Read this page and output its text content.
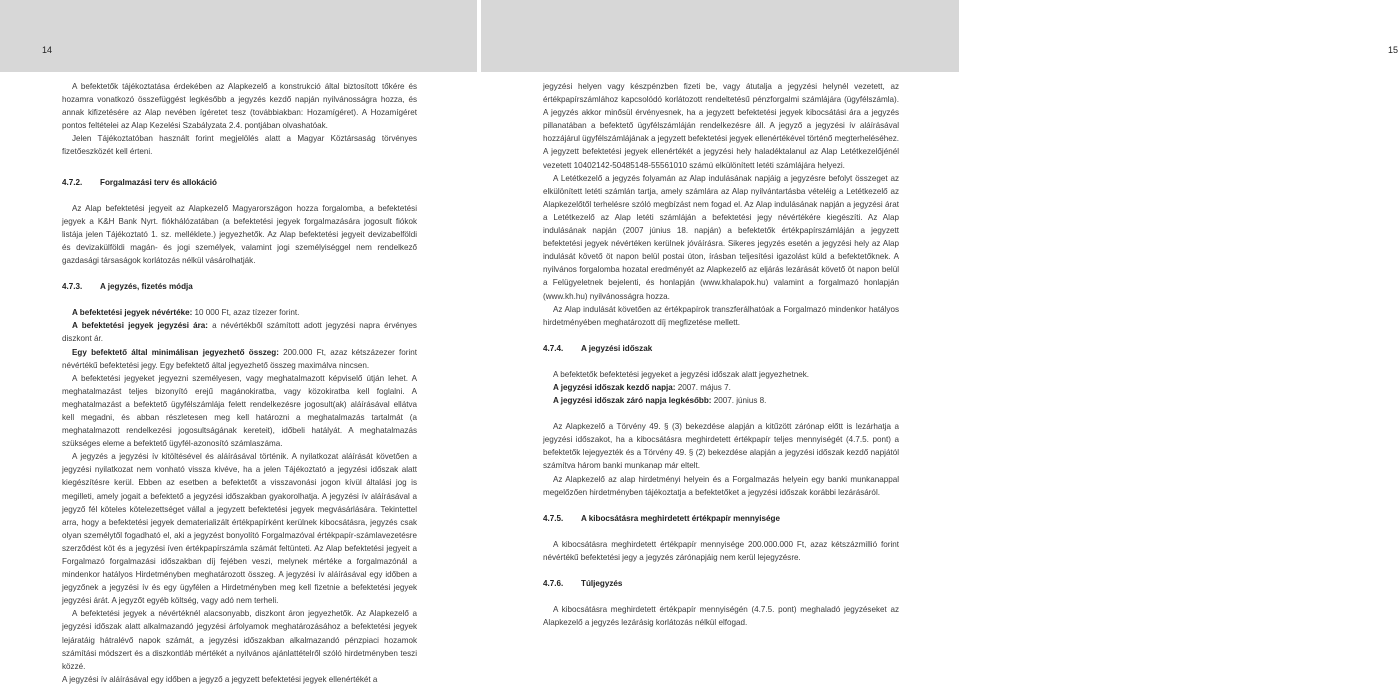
14	15

A befektetők tájékoztatása érdekében az Alapkezelő a konstrukció által biztosított tőkére és hozamra vonatkozó összefüggést legkésőbb a jegyzés kezdő napján nyilvánosságra hozza, és annak kifizetésére az Alap nevében ígéretet tesz (továbbiakban: Hozamígéret). A Hozamígéret pontos feltételei az Alap Kezelési Szabályzata 2.4. pontjában olvashatóak.

Jelen Tájékoztatóban használt forint megjelölés alatt a Magyar Köztársaság törvényes fizetőeszközét kell érteni.

4.7.2. Forgalmazási terv és allokáció

Az Alap befektetési jegyeit az Alapkezelő Magyarországon hozza forgalomba, a befektetési jegyek a K&H Bank Nyrt. fiókhálózatában (a befektetési jegyek forgalmazására jogosult fiókok listája jelen Tájékoztató 1. sz. melléklete.) jegyezhetők. Az Alap befektetési jegyeit devizabelföldi és devizakülföldi magán- és jogi személyek, valamint jogi személyiséggel nem rendelkező gazdasági társaságok korlátozás nélkül vásárolhatják.

4.7.3. A jegyzés, fizetés módja

A befektetési jegyek névértéke: 10 000 Ft, azaz tízezer forint.

A befektetési jegyek jegyzési ára: a névértékből számított adott jegyzési napra érvényes diszkont ár.

Egy befektető által minimálisan jegyezhető összeg: 200.000 Ft, azaz kétszázezer forint névértékű befektetési jegy. Egy befektető által jegyezhető összeg maximálva nincsen.

A befektetési jegyeket jegyezni személyesen, vagy meghatalmazott képviselő útján lehet. A meghatalmazást teljes bizonyító erejű magánokiratba, vagy közokiratba kell foglalni. A meghatalmazást a befektető ügyfélszámlája felett rendelkezésre jogosult(ak) aláírásával ellátva kell megadni, és abban részletesen meg kell határozni a meghatalmazás tartalmát (a meghatalmazott rendelkezési jogosultságának kereteit), időbeli hatályát. A meghatalmazás szükséges eleme a befektető ügyfél-azonosító számlaszáma.

A jegyzés a jegyzési ív kitöltésével és aláírásával történik. A nyilatkozat aláírását követően a jegyzési nyilatkozat nem vonható vissza kivéve, ha a jelen Tájékoztató a jegyzési időszak alatt kiegészítésre kerül. Ebben az esetben a befektetőt a visszavonási jogon kívül általási jog is megilleti, amely jogait a befektető a jegyzési időszakban gyakorolhatja. A jegyzési ív aláírásával a jegyző fél köteles kötelezettséget vállal a jegyzett befektetési jegyek megvásárlására. Tekintettel arra, hogy a befektetési jegyek dematerializált értékpapírként kerülnek kibocsátásra, jegyzés csak olyan személytől fogadható el, aki a jegyzést bonyolító Forgalmazóval értékpapír-számlavezetésre szerződést köt és a jegyzési íven értékpapírszámla számát feltünteti. Az Alap befektetési jegyeit a Forgalmazó forgalmazási időszakban díj fejében veszi, melynek mértéke a forgalmazónál a mindenkor hatályos Hirdetményben meghatározott összeg. A jegyzési ív aláírásával egy időben a jegyzőnek a jegyzési ív és egy ügyfélen a Hirdetményben meg kell fizetnie a befektetési jegyek jegyzési árát. A jegyzőt egyéb költség, vagy adó nem terheli.

A befektetési jegyek a névértéknél alacsonyabb, diszkont áron jegyezhetők. Az Alapkezelő a jegyzési időszak alatt alkalmazandó jegyzési árfolyamok meghatározásához a befektetési jegyek lejáratáig hátralévő napok számát, a jegyzési időszakban alkalmazandó pénzpiaci hozamok számítási módszert és a diszkontláb mértékét a nyilvános ajánlattételről szóló hirdetményben teszi közzé.

A jegyzési ív aláírásával egy időben a jegyző a jegyzett befektetési jegyek ellenértékét a

jegyzési helyen vagy készpénzben fizeti be, vagy átutalja a jegyzési helynél vezetett, az értékpapírszámlához kapcsolódó korlátozott rendeltetésű pénzforgalmi számlájára (ügyfélszámla). A jegyzés akkor minősül érvényesnek, ha a jegyzett befektetési jegyek kibocsátási ára a jegyzés pillanatában a befektető ügyfélszámláján rendelkezésre áll. A jegyző a jegyzési ív aláírásával hozzájárul ügyfélszámlájának a jegyzett befektetési jegyek ellenértékével történő megterheléséhez. A jegyzett befektetési jegyek ellenértékét a jegyzési hely haladéktalanul az Alap Letétkezelőjénél vezetett 10402142-50485148-55561010 számú elkülönített letéti számlájára helyezi.

A Letétkezelő a jegyzés folyamán az Alap indulásának napjáig a jegyzésre befolyt összeget az elkülönített letéti számlán tartja, amely számlára az Alap nyilvántartásba vételéig a Letétkezelő az Alapkezelőtől terhelésre szóló megbízást nem fogad el. Az Alap indulásának napján a jegyzési árat a Letétkezelő az Alap letéti számláján a befektetési jegy névértékére kiegészíti. Az Alap indulásának napján (2007 június 18. napján) a befektetők értékpapírszámláján a jegyzett befektetési jegyek névértéken kerülnek jóváírásra. Sikeres jegyzés esetén a jegyzési hely az Alap indulását követő öt napon belül postai úton, írásban teljesítési igazolást küld a befektetőknek. A nyilvános forgalomba hozatal eredményét az Alapkezelő az eljárás lezárását követő öt napon belül a Felügyeletnek bejelenti, és honlapján (www.khalapok.hu) valamint a forgalmazó honlapján (www.kh.hu) nyilvánosságra hozza.

Az Alap indulását követően az értékpapírok transzferálhatóak a Forgalmazó mindenkor hatályos hirdetményében meghatározott díj megfizetése mellett.

4.7.4. A jegyzési időszak

A befektetők befektetési jegyeket a jegyzési időszak alatt jegyezhetnek.

A jegyzési időszak kezdő napja: 2007. május 7.

A jegyzési időszak záró napja legkésőbb: 2007. június 8.

Az Alapkezelő a Törvény 49. § (3) bekezdése alapján a kitűzött zárónap előtt is lezárhatja a jegyzési időszakot, ha a kibocsátásra meghirdetett értékpapír teljes mennyiségét (4.7.5. pont) a befektetők lejegyezték és a Törvény 49. § (2) bekezdése alapján a jegyzési időszak kezdő napjától számítva három banki munkanap már eltelt.

Az Alapkezelő az alap hirdetményi helyein és a Forgalmazás helyein egy banki munkanappal megelőzően hirdetményben tájékoztatja a befektetőket a jegyzési időszak korábbi lezárásáról.

4.7.5. A kibocsátásra meghirdetett értékpapír mennyisége

A kibocsátásra meghirdetett értékpapír mennyisége 200.000.000 Ft, azaz kétszázmillió forint névértékű befektetési jegy a jegyzés zárónapjáig nem kerül lejegyzésre.

4.7.6. Túljegyzés

A kibocsátásra meghirdetett értékpapír mennyiségén (4.7.5. pont) meghaladó jegyzéseket az Alapkezelő a jegyzés lezárásig korlátozás nélkül elfogad.
